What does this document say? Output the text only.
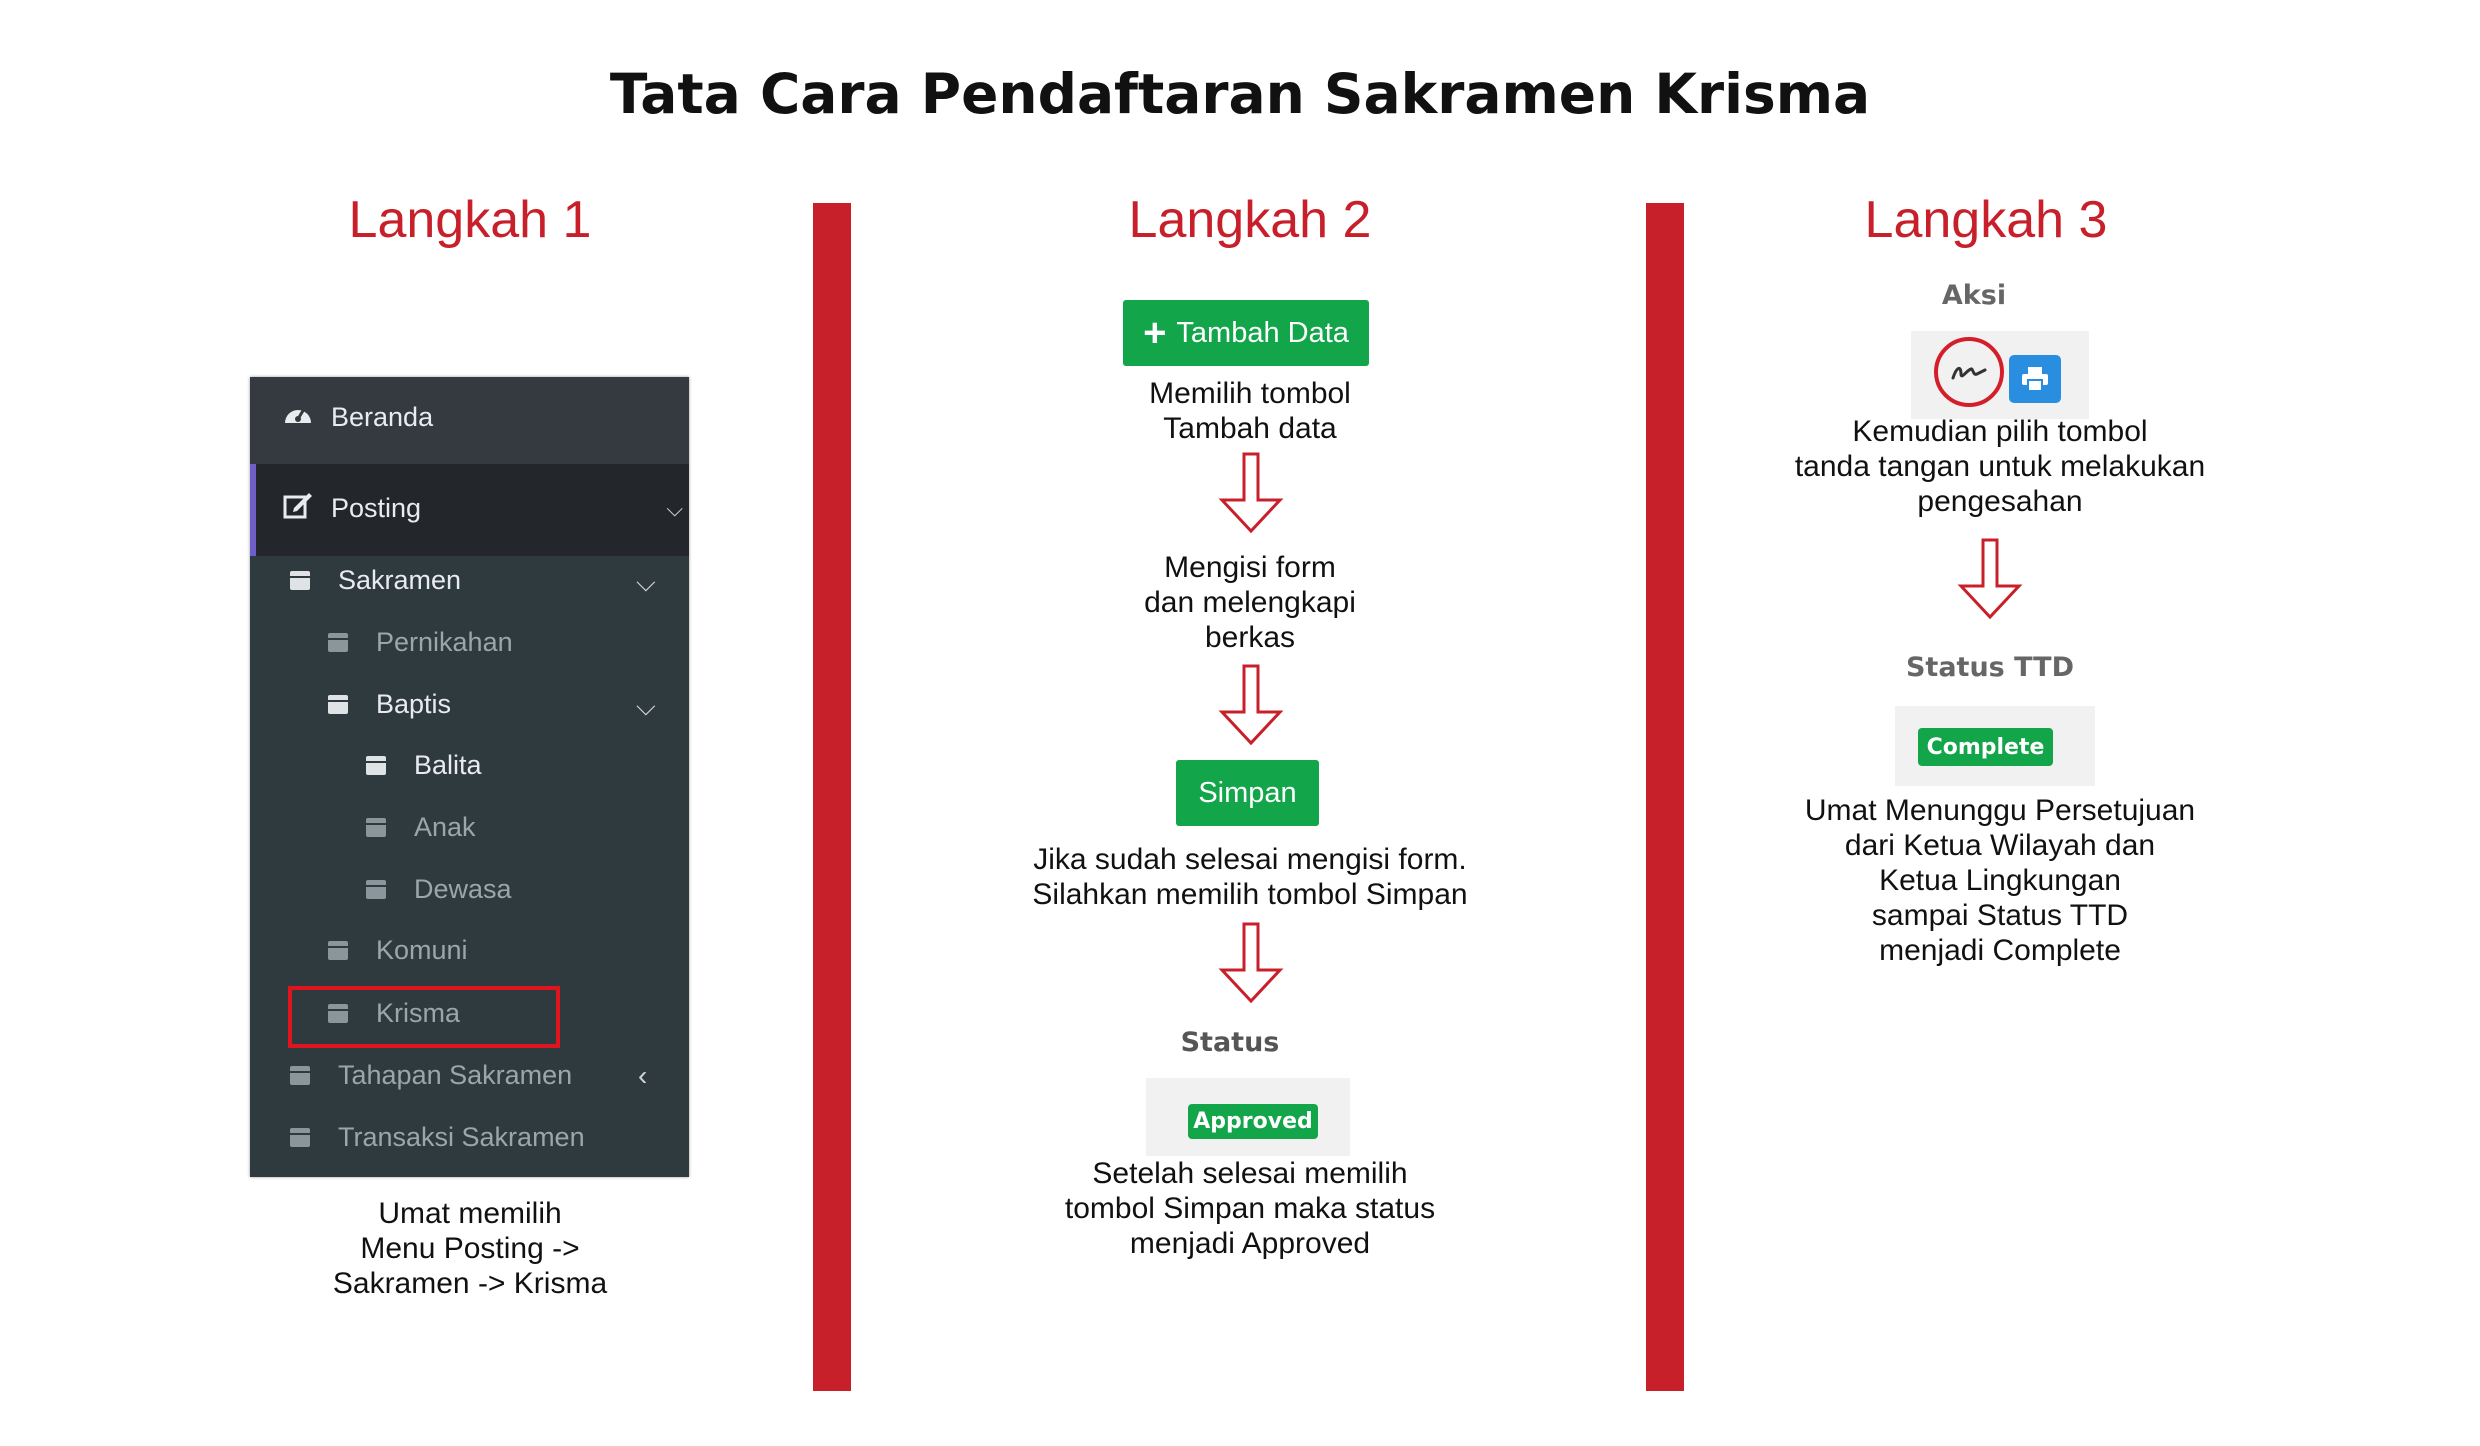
Tata Cara Pendaftaran Sakramen Krisma
Langkah 1
Beranda
Posting	⌵
Sakramen	⌵
Pernikahan
Baptis	⌵
Balita
Anak
Dewasa
Komuni
Krisma
Tahapan Sakramen ‹
Transaksi Sakramen
Umat memilih
Menu Posting ->
Sakramen -> Krisma
Langkah 2
+ Tambah Data
Memilih tombol
Tambah data
Mengisi form
dan melengkapi
berkas
Simpan
Jika sudah selesai mengisi form.
Silahkan memilih tombol Simpan
Status
Approved
Setelah selesai memilih
tombol Simpan maka status
menjadi Approved
Langkah 3
Aksi
Kemudian pilih tombol
tanda tangan untuk melakukan
pengesahan
Status TTD
Complete
Umat Menunggu Persetujuan
dari Ketua Wilayah dan
Ketua Lingkungan
sampai Status TTD
menjadi Complete
